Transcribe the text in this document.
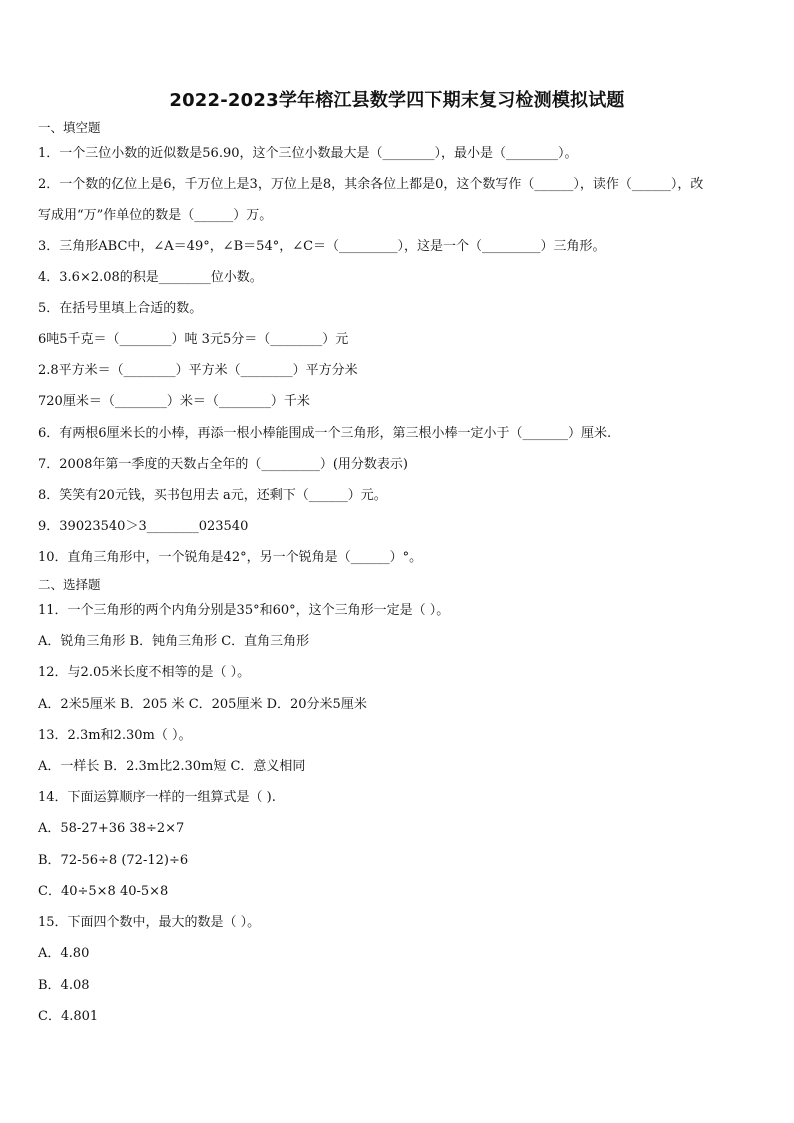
2022-2023学年榕江县数学四下期末复习检测模拟试题
一、填空题
1．一个三位小数的近似数是56.90，这个三位小数最大是（________），最小是（________）。
2．一个数的亿位上是6，千万位上是3，万位上是8，其余各位上都是0，这个数写作（______），读作（______），改
写成用“万”作单位的数是（______）万。
3．三角形ABC中，∠A＝49°，∠B＝54°，∠C＝（_________），这是一个（_________）三角形。
4．3.6×2.08的积是________位小数。
5．在括号里填上合适的数。
6吨5千克＝（________）吨 3元5分＝（________）元
2.8平方米＝（________）平方米（________）平方分米
720厘米＝（________）米＝（________）千米
6．有两根6厘米长的小棒，再添一根小棒能围成一个三角形，第三根小棒一定小于（_______）厘米.
7．2008年第一季度的天数占全年的（_________）(用分数表示)
8．笑笑有20元钱，买书包用去 a元，还剩下（______）元。
9．39023540＞3________023540
10．直角三角形中，一个锐角是42°，另一个锐角是（______）°。
二、选择题
11．一个三角形的两个内角分别是35°和60°，这个三角形一定是（ ）。
A．锐角三角形 B．钝角三角形 C．直角三角形
12．与2.05米长度不相等的是（ ）。
A．2米5厘米 B．205 米 C．205厘米 D．20分米5厘米
13．2.3m和2.30m（ ）。
A．一样长 B．2.3m比2.30m短 C．意义相同
14．下面运算顺序一样的一组算式是（ ).
A．58-27+36 38÷2×7
B．72-56÷8 (72-12)÷6
C．40÷5×8 40-5×8
15．下面四个数中，最大的数是（ ）。
A．4.80
B．4.08
C．4.801
